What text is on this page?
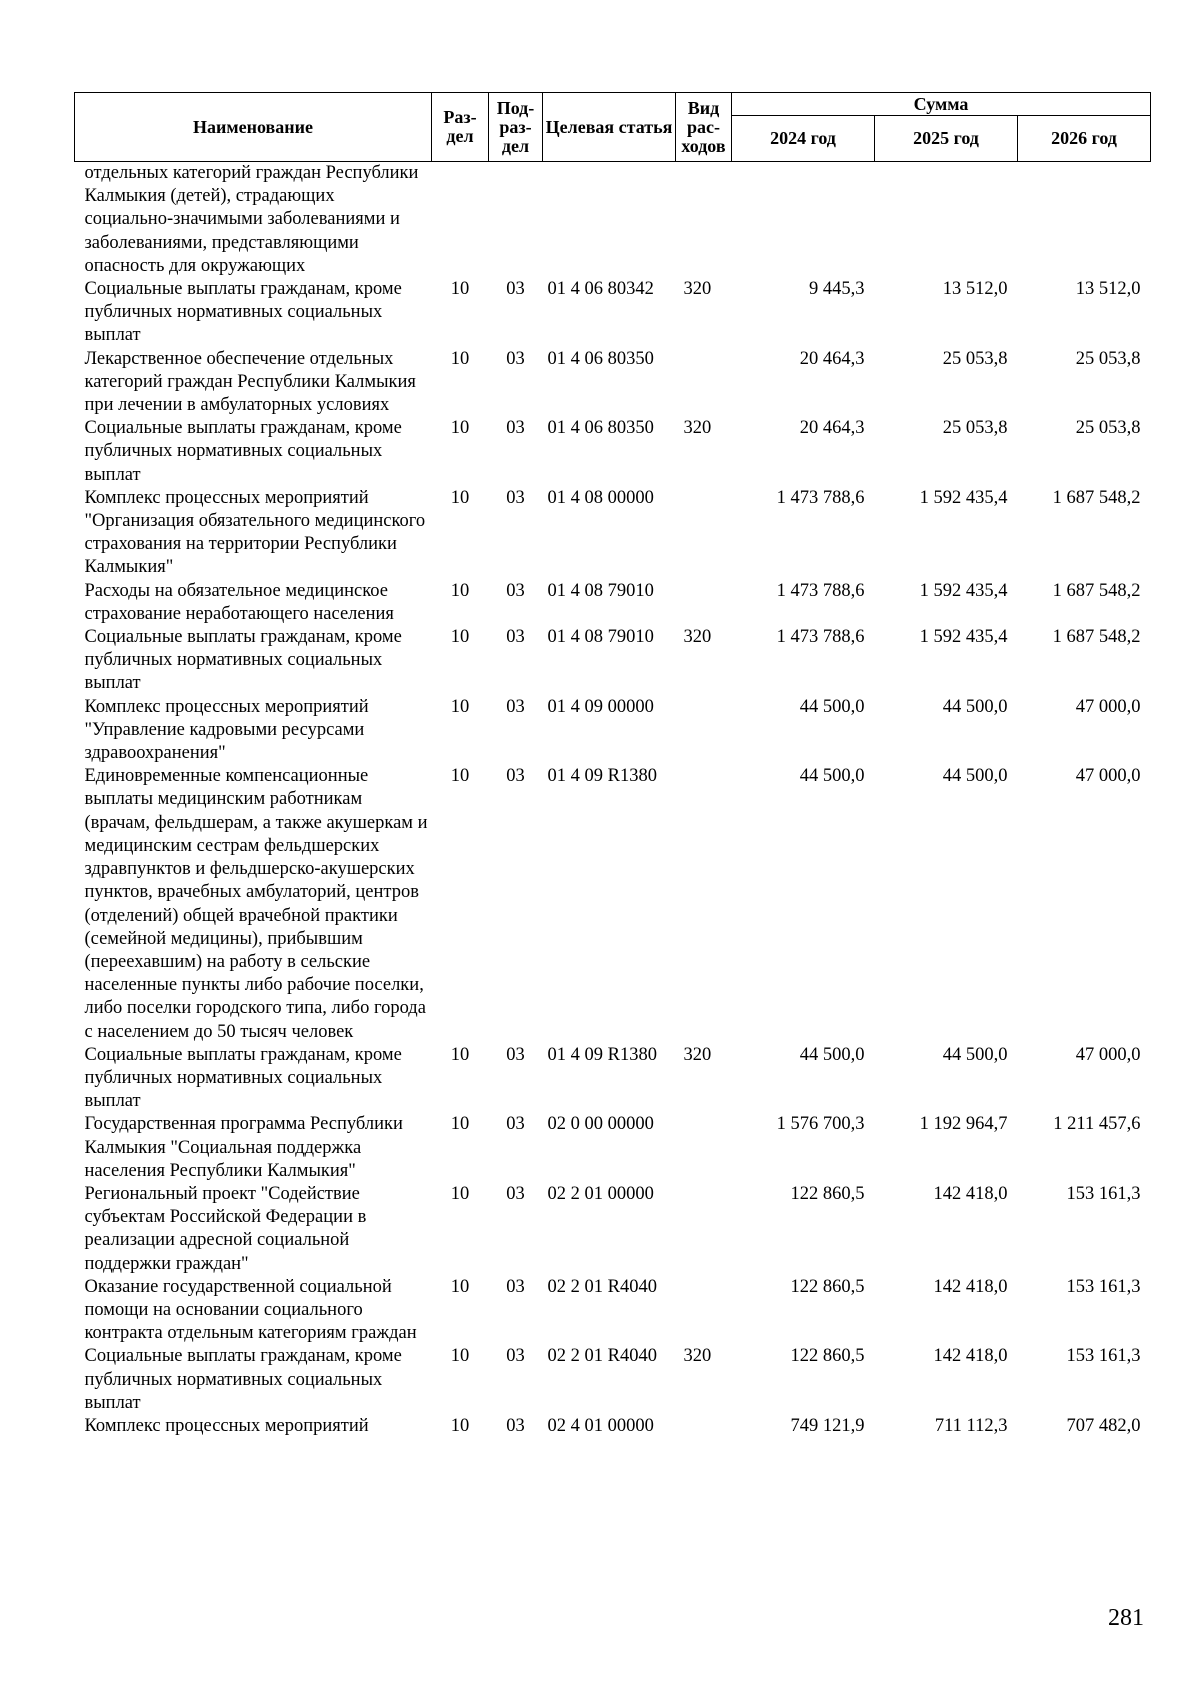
Наименование	Раз- дел	Под- раз- дел	Целевая статья	Вид рас- ходов	Сумма		
					2024 год	2025 год	2026 год
отдельных категорий граждан Республики Калмыкия (детей), страдающих социально-значимыми заболеваниями и заболеваниями, представляющими опасность для окружающих							
Социальные выплаты гражданам, кроме публичных нормативных социальных выплат	10	03	01 4 06 80342	320	9 445,3	13 512,0	13 512,0
Лекарственное обеспечение отдельных категорий граждан Республики Калмыкия при лечении в амбулаторных условиях	10	03	01 4 06 80350		20 464,3	25 053,8	25 053,8
Социальные выплаты гражданам, кроме публичных нормативных социальных выплат	10	03	01 4 06 80350	320	20 464,3	25 053,8	25 053,8
Комплекс процессных мероприятий "Организация обязательного медицинского страхования на территории Республики Калмыкия"	10	03	01 4 08 00000		1 473 788,6	1 592 435,4	1 687 548,2
Расходы на обязательное медицинское страхование неработающего населения	10	03	01 4 08 79010		1 473 788,6	1 592 435,4	1 687 548,2
Социальные выплаты гражданам, кроме публичных нормативных социальных выплат	10	03	01 4 08 79010	320	1 473 788,6	1 592 435,4	1 687 548,2
Комплекс процессных мероприятий "Управление кадровыми ресурсами здравоохранения"	10	03	01 4 09 00000		44 500,0	44 500,0	47 000,0
Единовременные компенсационные выплаты медицинским работникам (врачам, фельдшерам, а также акушеркам и медицинским сестрам фельдшерских здравпунктов и фельдшерско-акушерских пунктов, врачебных амбулаторий, центров (отделений) общей врачебной практики (семейной медицины), прибывшим (переехавшим) на работу в сельские населенные пункты либо рабочие поселки, либо поселки городского типа, либо города с населением до 50 тысяч человек	10	03	01 4 09 R1380		44 500,0	44 500,0	47 000,0
Социальные выплаты гражданам, кроме публичных нормативных социальных выплат	10	03	01 4 09 R1380	320	44 500,0	44 500,0	47 000,0
Государственная программа Республики Калмыкия "Социальная поддержка населения Республики Калмыкия"	10	03	02 0 00 00000		1 576 700,3	1 192 964,7	1 211 457,6
Региональный проект "Содействие субъектам Российской Федерации в реализации адресной социальной поддержки граждан"	10	03	02 2 01 00000		122 860,5	142 418,0	153 161,3
Оказание государственной социальной помощи на основании социального контракта отдельным категориям граждан	10	03	02 2 01 R4040		122 860,5	142 418,0	153 161,3
Социальные выплаты гражданам, кроме публичных нормативных социальных выплат	10	03	02 2 01 R4040	320	122 860,5	142 418,0	153 161,3
Комплекс процессных мероприятий	10	03	02 4 01 00000		749 121,9	711 112,3	707 482,0
281
